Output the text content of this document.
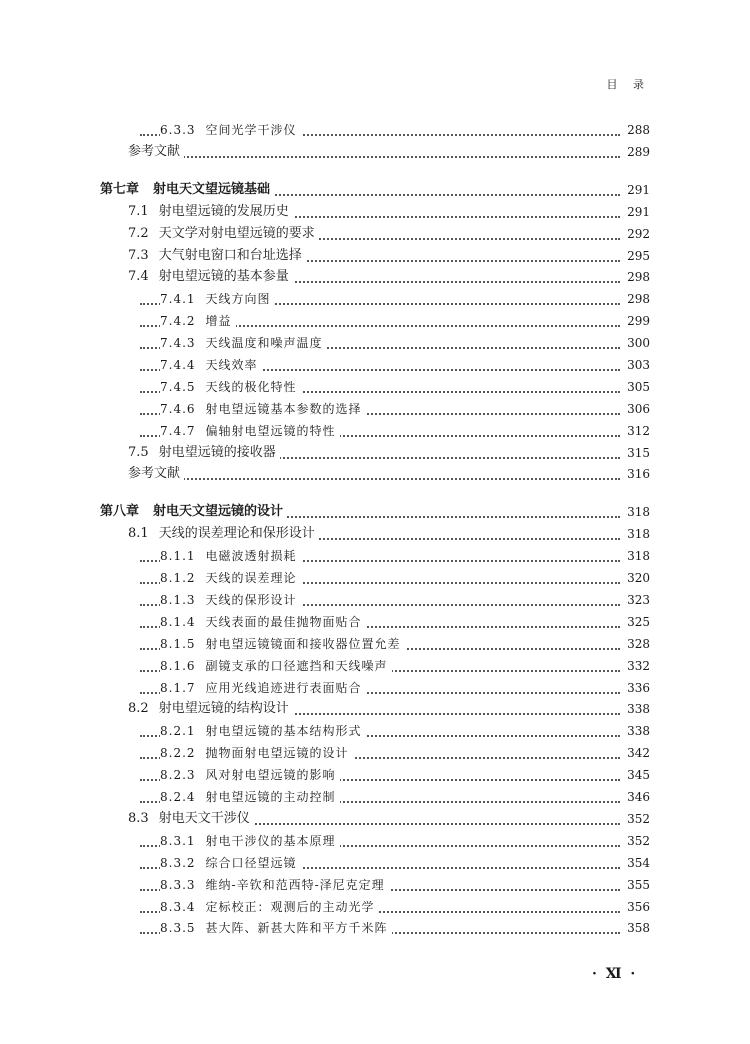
目 录
6.3.3 空间光学干涉仪	288
参考文献	289
第七章 射电天文望远镜基础	291
7.1 射电望远镜的发展历史	291
7.2 天文学对射电望远镜的要求	292
7.3 大气射电窗口和台址选择	295
7.4 射电望远镜的基本参量	298
7.4.1 天线方向图	298
7.4.2 增益	299
7.4.3 天线温度和噪声温度	300
7.4.4 天线效率	303
7.4.5 天线的极化特性	305
7.4.6 射电望远镜基本参数的选择	306
7.4.7 偏轴射电望远镜的特性	312
7.5 射电望远镜的接收器	315
参考文献	316
第八章 射电天文望远镜的设计	318
8.1 天线的误差理论和保形设计	318
8.1.1 电磁波透射损耗	318
8.1.2 天线的误差理论	320
8.1.3 天线的保形设计	323
8.1.4 天线表面的最佳抛物面贴合	325
8.1.5 射电望远镜镜面和接收器位置允差	328
8.1.6 副镜支承的口径遮挡和天线噪声	332
8.1.7 应用光线追迹进行表面贴合	336
8.2 射电望远镜的结构设计	338
8.2.1 射电望远镜的基本结构形式	338
8.2.2 抛物面射电望远镜的设计	342
8.2.3 风对射电望远镜的影响	345
8.2.4 射电望远镜的主动控制	346
8.3 射电天文干涉仪	352
8.3.1 射电干涉仪的基本原理	352
8.3.2 综合口径望远镜	354
8.3.3 维纳-辛钦和范西特-泽尼克定理	355
8.3.4 定标校正：观测后的主动光学	356
8.3.5 甚大阵、新甚大阵和平方千米阵	358
· Ⅺ ·
